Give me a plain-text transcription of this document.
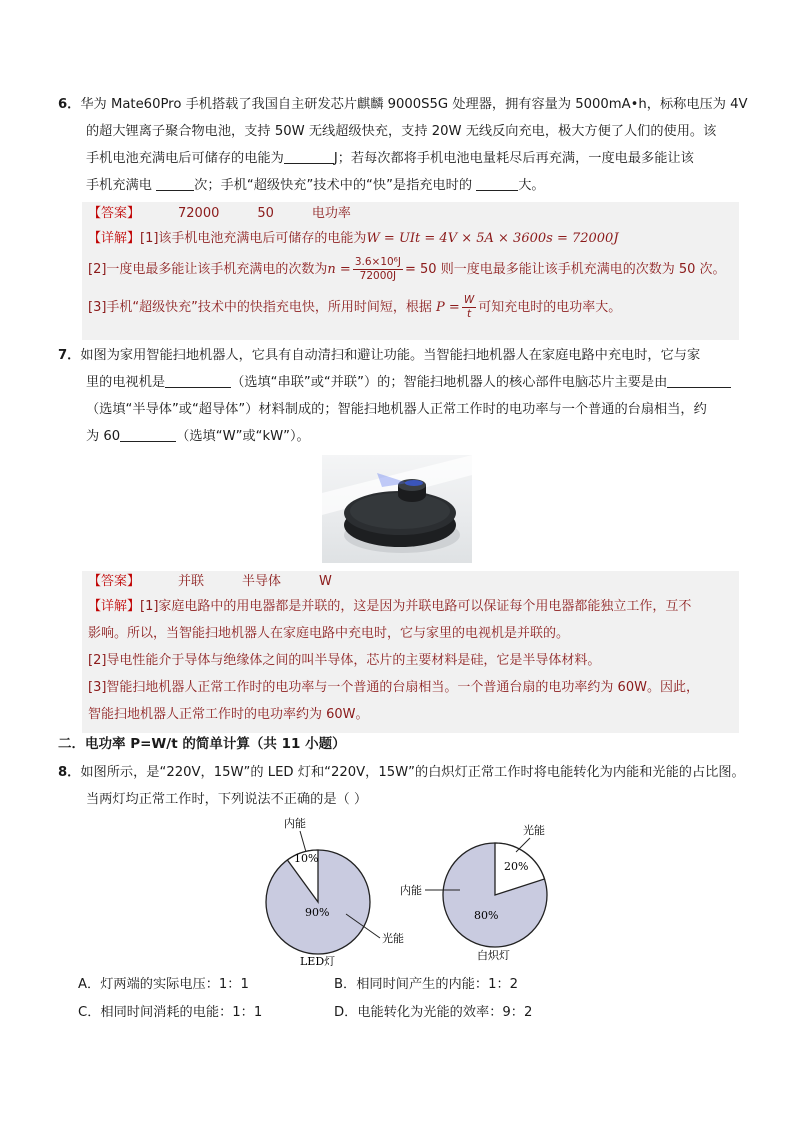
6．华为 Mate60Pro 手机搭载了我国自主研发芯片麒麟 9000S5G 处理器，拥有容量为 5000mA•h，标称电压为 4V

的超大锂离子聚合物电池，支持 50W 无线超级快充，支持 20W 无线反向充电，极大方便了人们的使用。该

手机电池充满电后可储存的电能为	J；若每次都将手机电池电量耗尽后再充满，一度电最多能让该

手机充满电	次；手机“超级快充”技术中的“快”是指充电时的	大。

【答案】	72000	50	电功率
【详解】[1]该手机电池充满电后可储存的电能为W = UIt = 4V × 5A × 3600s = 72000J
[2]一度电最多能让该手机充满电的次数为$n = \frac{\text{3.6×10⁶J}}{72000J} = 50$ 则一度电最多能让该手机充满电的次数为 50 次。
[3]手机“超级快充”技术中的快指充电快，所用时间短，根据 $P = \frac{W}{t}$ 可知充电时的电功率大。

7．如图为家用智能扫地机器人，它具有自动清扫和避让功能。当智能扫地机器人在家庭电路中充电时，它与家

里的电视机是	（选填“串联”或“并联”）的；智能扫地机器人的核心部件电脑芯片主要是由

（选填“半导体”或“超导体”）材料制成的；智能扫地机器人正常工作时的电功率与一个普通的台扇相当，约

为 60	（选填“W”或“kW”）。

【答案】	并联	半导体	W
【详解】[1]家庭电路中的用电器都是并联的，这是因为并联电路可以保证每个用电器都能独立工作，互不
影响。所以，当智能扫地机器人在家庭电路中充电时，它与家里的电视机是并联的。
[2]导电性能介于导体与绝缘体之间的叫半导体，芯片的主要材料是硅，它是半导体材料。
[3]智能扫地机器人正常工作时的电功率与一个普通的台扇相当。一个普通台扇的电功率约为 60W。因此，
智能扫地机器人正常工作时的电功率约为 60W。
二．电功率 P=W/t 的简单计算（共 11 小题）

8．如图所示，是“220V，15W”的 LED 灯和“220V，15W”的白炽灯正常工作时将电能转化为内能和光能的占比图。

当两灯均正常工作时，下列说法不正确的是（ ）

10%
90%
内能
光能
LED灯
20%
80%
光能
内能
白炽灯
A．灯两端的实际电压：1：1	B．相同时间产生的内能：1：2
C．相同时间消耗的电能：1：1	D．电能转化为光能的效率：9：2
